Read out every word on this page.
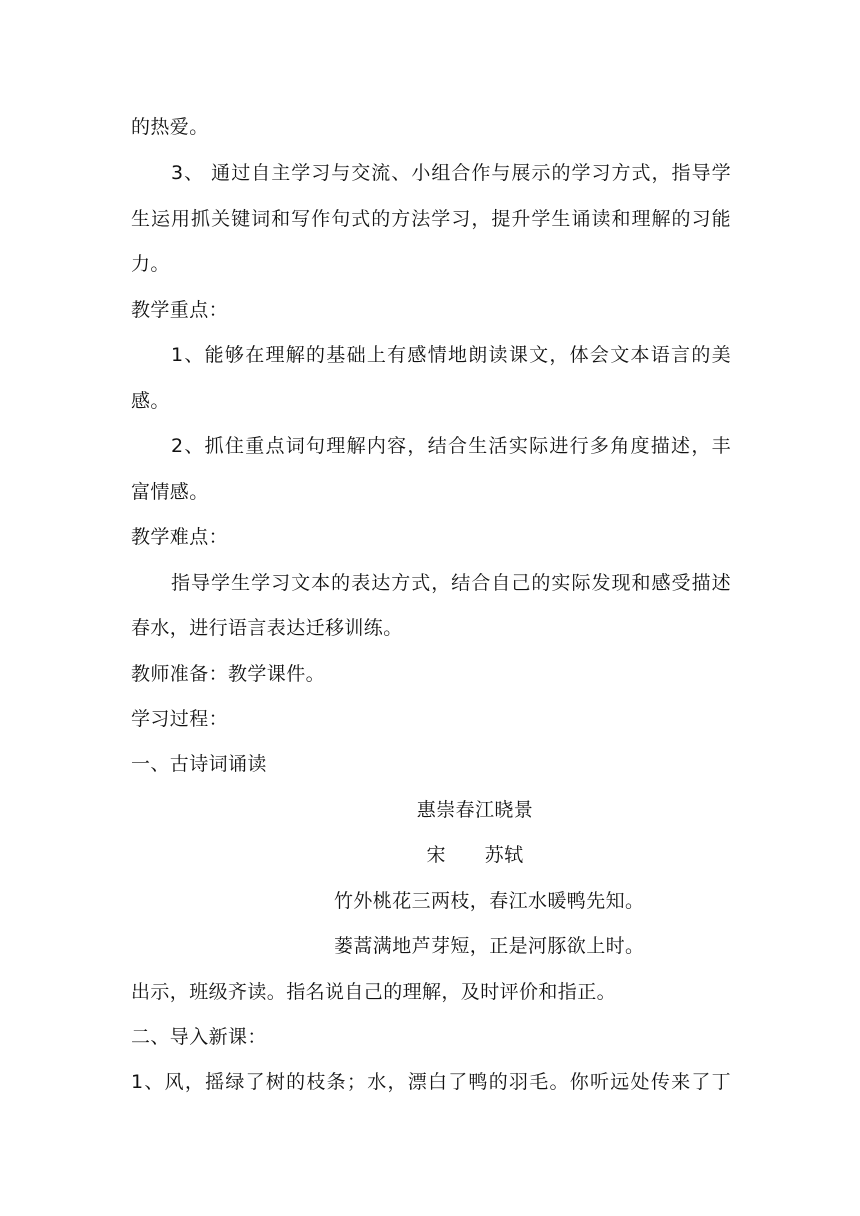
的热爱。
3、 通过自主学习与交流、小组合作与展示的学习方式，指导学
生运用抓关键词和写作句式的方法学习，提升学生诵读和理解的习能
力。
教学重点：
1、能够在理解的基础上有感情地朗读课文，体会文本语言的美
感。
2、抓住重点词句理解内容，结合生活实际进行多角度描述，丰
富情感。
教学难点：
指导学生学习文本的表达方式，结合自己的实际发现和感受描述
春水，进行语言表达迁移训练。
教师准备：教学课件。
学习过程：
一、古诗词诵读
惠崇春江晓景
宋　　苏轼
竹外桃花三两枝，春江水暖鸭先知。
蒌蒿满地芦芽短，正是河豚欲上时。
出示，班级齐读。指名说自己的理解，及时评价和指正。
二、导入新课：
1、风，摇绿了树的枝条；水，漂白了鸭的羽毛。你听远处传来了丁
